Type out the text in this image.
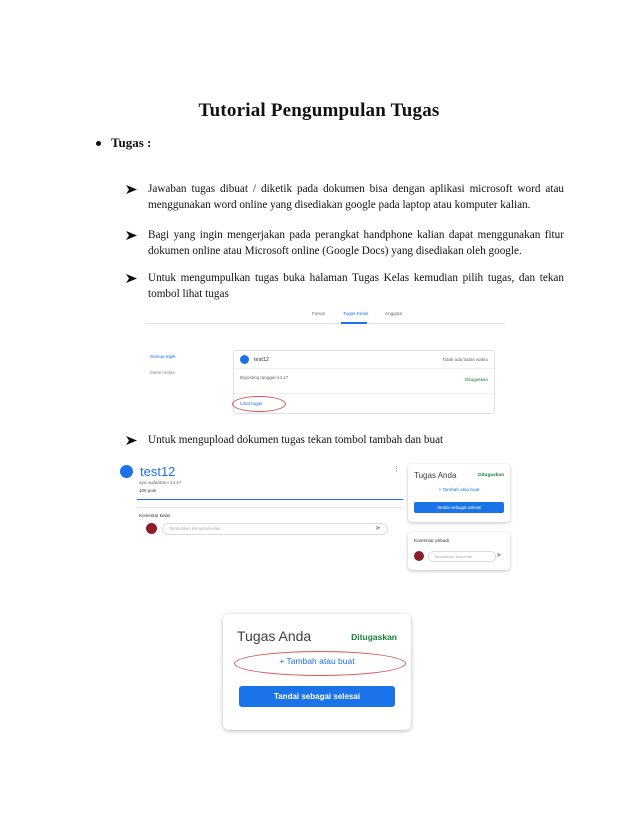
Tutorial Pengumpulan Tugas
Tugas :
Jawaban tugas dibuat / diketik pada dokumen bisa dengan aplikasi microsoft word atau menggunakan word online yang disediakan google pada laptop atau komputer kalian.
Bagi yang ingin mengerjakan pada perangkat handphone kalian dapat menggunakan fitur dokumen online atau Microsoft online (Google Docs) yang disediakan oleh google.
Untuk mengumpulkan tugas buka halaman Tugas Kelas kemudian pilih tugas, dan tekan tombol lihat tugas
Forum	Tugas Kelas	Anggota
Semua topik
Materi kelas
test12	Tidak ada batas waktu
Diposting tanggal 14.17	Ditugaskan
Lihat tugas
Untuk mengupload dokumen tugas tekan tombol tambah dan buat
test12
ayu oudaritas • 14.17
100 poin
⋮
Komentar kelas
Tambahkan komentar kelas	➤
Tugas Anda	Ditugaskan
+ Tambah atau buat
Tandai sebagai selesai
Komentar pribadi
Tambahkan komentar	➤
Tugas Anda	Ditugaskan
+ Tambah atau buat
Tandai sebagai selesai
